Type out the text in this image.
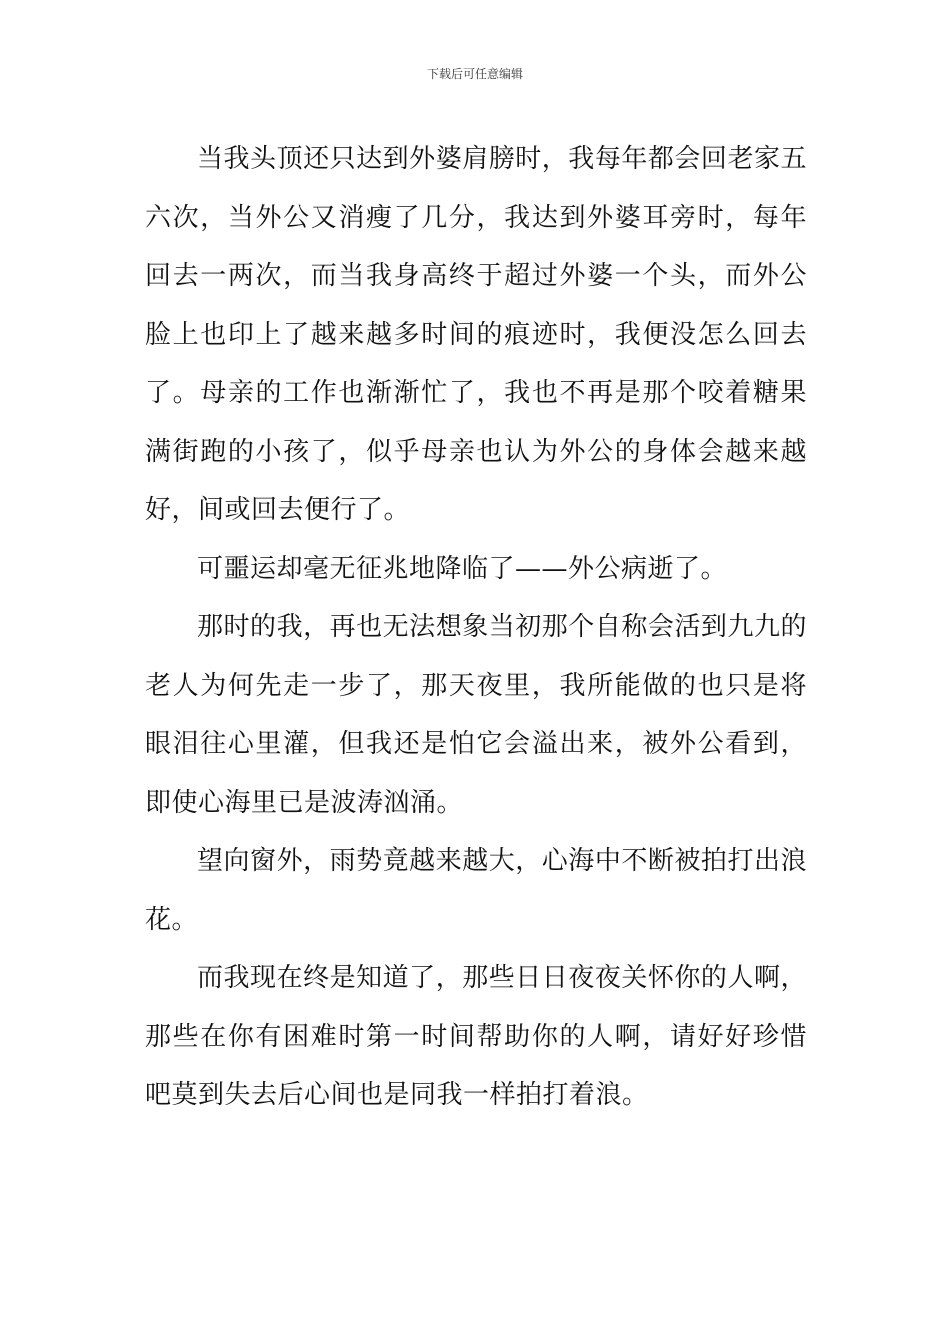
下载后可任意编辑

当我头顶还只达到外婆肩膀时，我每年都会回老家五六次，当外公又消瘦了几分，我达到外婆耳旁时，每年回去一两次，而当我身高终于超过外婆一个头，而外公脸上也印上了越来越多时间的痕迹时，我便没怎么回去了。母亲的工作也渐渐忙了，我也不再是那个咬着糖果满街跑的小孩了，似乎母亲也认为外公的身体会越来越好，间或回去便行了。

可噩运却毫无征兆地降临了——外公病逝了。

那时的我，再也无法想象当初那个自称会活到九九的老人为何先走一步了，那天夜里，我所能做的也只是将眼泪往心里灌，但我还是怕它会溢出来，被外公看到，即使心海里已是波涛汹涌。

望向窗外，雨势竟越来越大，心海中不断被拍打出浪花。

而我现在终是知道了，那些日日夜夜关怀你的人啊，那些在你有困难时第一时间帮助你的人啊，请好好珍惜吧莫到失去后心间也是同我一样拍打着浪。
